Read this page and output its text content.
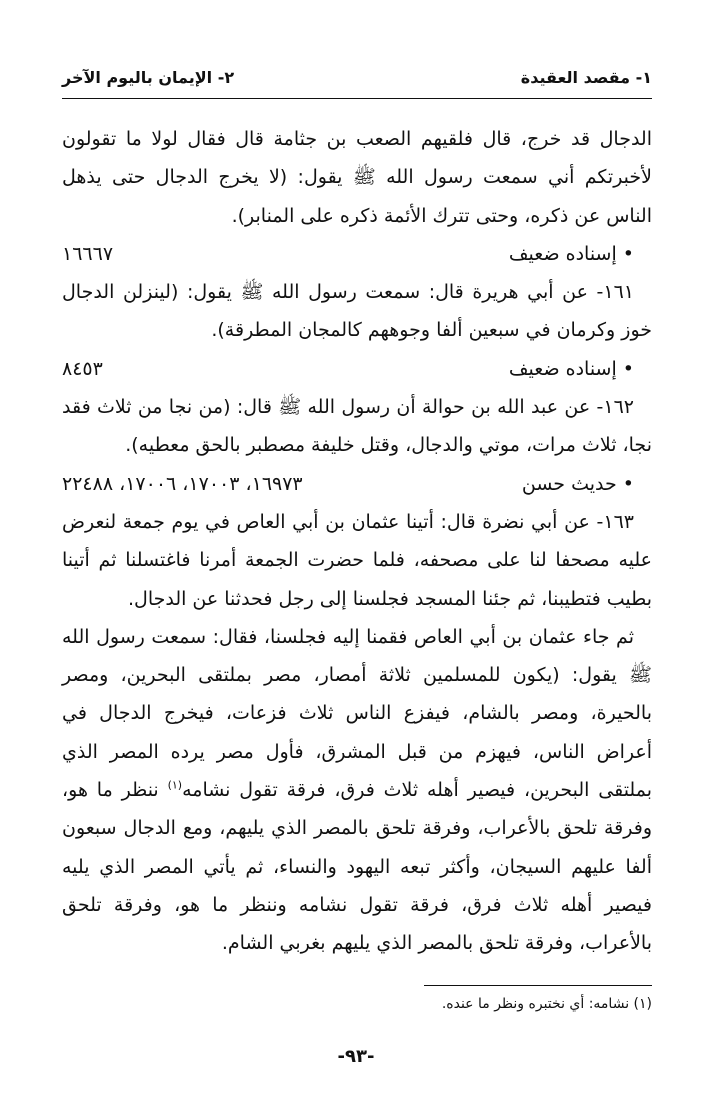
١- مقصد العقيدة
٢- الإيمان باليوم الآخر

الدجال قد خرج، قال فلقيهم الصعب بن جثامة قال فقال لولا ما تقولون لأخبرتكم أني سمعت رسول الله ﷺ يقول: (لا يخرج الدجال حتى يذهل الناس عن ذكره، وحتى تترك الأئمة ذكره على المنابر).

• إسناده ضعيف
١٦٦٦٧

١٦١- عن أبي هريرة قال: سمعت رسول الله ﷺ يقول: (لينزلن الدجال خوز وكرمان في سبعين ألفا وجوههم كالمجان المطرقة).

• إسناده ضعيف
٨٤٥٣

١٦٢- عن عبد الله بن حوالة أن رسول الله ﷺ قال: (من نجا من ثلاث فقد نجا، ثلاث مرات، موتي والدجال، وقتل خليفة مصطبر بالحق معطيه).

• حديث حسن
١٦٩٧٣، ١٧٠٠٣، ١٧٠٠٦، ٢٢٤٨٨

١٦٣- عن أبي نضرة قال: أتينا عثمان بن أبي العاص في يوم جمعة لنعرض عليه مصحفا لنا على مصحفه، فلما حضرت الجمعة أمرنا فاغتسلنا ثم أتينا بطيب فتطيبنا، ثم جئنا المسجد فجلسنا إلى رجل فحدثنا عن الدجال.

ثم جاء عثمان بن أبي العاص فقمنا إليه فجلسنا، فقال: سمعت رسول الله ﷺ يقول: (يكون للمسلمين ثلاثة أمصار، مصر بملتقى البحرين، ومصر بالحيرة، ومصر بالشام، فيفزع الناس ثلاث فزعات، فيخرج الدجال في أعراض الناس، فيهزم من قبل المشرق، فأول مصر يرده المصر الذي بملتقى البحرين، فيصير أهله ثلاث فرق، فرقة تقول نشامه$^{(١)}$ ننظر ما هو، وفرقة تلحق بالأعراب، وفرقة تلحق بالمصر الذي يليهم، ومع الدجال سبعون ألفا عليهم السيجان، وأكثر تبعه اليهود والنساء، ثم يأتي المصر الذي يليه فيصير أهله ثلاث فرق، فرقة تقول نشامه وننظر ما هو، وفرقة تلحق بالأعراب، وفرقة تلحق بالمصر الذي يليهم بغربي الشام.

(١) نشامه: أي نختبره ونظر ما عنده.
-٩٣-
